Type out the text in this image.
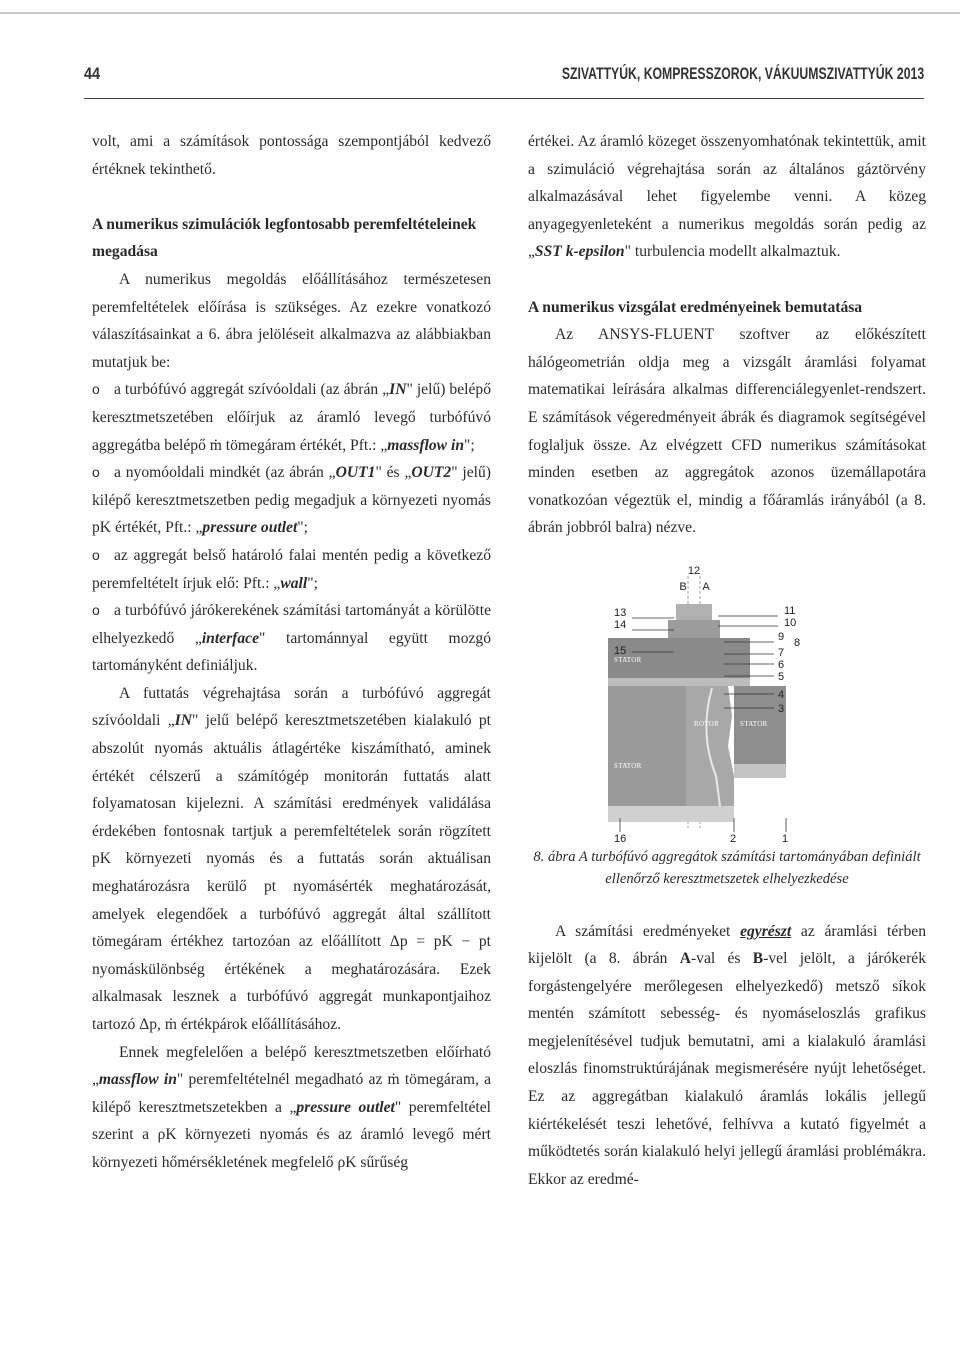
44	SZIVATTYÚK, KOMPRESSZOROK, VÁKUUMSZIVATTYÚK 2013

volt, ami a számítások pontossága szempontjából kedvező értéknek tekinthető.

A numerikus szimulációk legfontosabb peremfeltételeinek megadása

A numerikus megoldás előállításához természetesen peremfeltételek előírása is szükséges. Az ezekre vonatkozó válaszításainkat a 6. ábra jelöléseit alkalmazva az alábbiakban mutatjuk be:

o a turbófúvó aggregát szívóoldali (az ábrán „IN" jelű) belépő keresztmetszetében előírjuk az áramló levegő turbófúvó aggregátba belépő ṁ tömegáram értékét, Pft.: „massflow in";

o a nyomóoldali mindkét (az ábrán „OUT1" és „OUT2" jelű) kilépő keresztmetszetben pedig megadjuk a környezeti nyomás pK értékét, Pft.: „pressure outlet";

o az aggregát belső határoló falai mentén pedig a következő peremfeltételt írjuk elő: Pft.: „wall";

o a turbófúvó járókerekének számítási tartományát a körülötte elhelyezkedő „interface" tartománnyal együtt mozgó tartományként definiáljuk.

A futtatás végrehajtása során a turbófúvó aggregát szívóoldali „IN" jelű belépő keresztmetszetében kialakuló pt abszolút nyomás aktuális átlagértéke kiszámítható, aminek értékét célszerű a számítógép monitorán futtatás alatt folyamatosan kijelezni. A számítási eredmények validálása érdekében fontosnak tartjuk a peremfeltételek során rögzített pK környezeti nyomás és a futtatás során aktuálisan meghatározásra kerülő pt nyomásérték meghatározását, amelyek elegendőek a turbófúvó aggregát által szállított tömegáram értékhez tartozóan az előállított Δp = pK − pt nyomáskülönbség értékének a meghatározására. Ezek alkalmasak lesznek a turbófúvó aggregát munkapontjaihoz tartozó Δp, ṁ értékpárok előállításához.

Ennek megfelelően a belépő keresztmetszetben előírható „massflow in" peremfeltételnél megadható az ṁ tömegáram, a kilépő keresztmetszetekben a „pressure outlet" peremfeltétel szerint a ρK környezeti nyomás és az áramló levegő mért környezeti hőmérsékletének megfelelő ρK sűrűség

értékei. Az áramló közeget összenyomhatónak tekintettük, amit a szimuláció végrehajtása során az általános gáztörvény alkalmazásával lehet figyelembe venni. A közeg anyagegyenleteként a numerikus megoldás során pedig az „SST k-epsilon" turbulencia modellt alkalmaztuk.

A numerikus vizsgálat eredményeinek bemutatása

Az ANSYS-FLUENT szoftver az előkészített hálógeometrián oldja meg a vizsgált áramlási folyamat matematikai leírására alkalmas differenciálegyenlet-rendszert. E számítások végeredményeit ábrák és diagramok segítségével foglaljuk össze. Az elvégzett CFD numerikus számításokat minden esetben az aggregátok azonos üzemállapotára vonatkozóan végeztük el, mindig a főáramlás irányából (a 8. ábrán jobbról balra) nézve.

12
B A
13
14
15
11
10
9 8
7
6
5
4
3
16	2	1
STATOR
ROTOR	STATOR
STATOR

8. ábra A turbófúvó aggregátok számítási tartományában definiált ellenőrző keresztmetszetek elhelyezkedése

A számítási eredményeket egyrészt az áramlási térben kijelölt (a 8. ábrán A-val és B-vel jelölt, a járókerék forgástengelyére merőlegesen elhelyezkedő) metsző síkok mentén számított sebesség- és nyomáseloszlás grafikus megjelenítésével tudjuk bemutatni, ami a kialakuló áramlási eloszlás finomstruktúrájának megismerésére nyújt lehetőséget. Ez az aggregátban kialakuló áramlás lokális jellegű kiértékelését teszi lehetővé, felhívva a kutató figyelmét a működtetés során kialakuló helyi jellegű áramlási problémákra. Ekkor az eredmé-
